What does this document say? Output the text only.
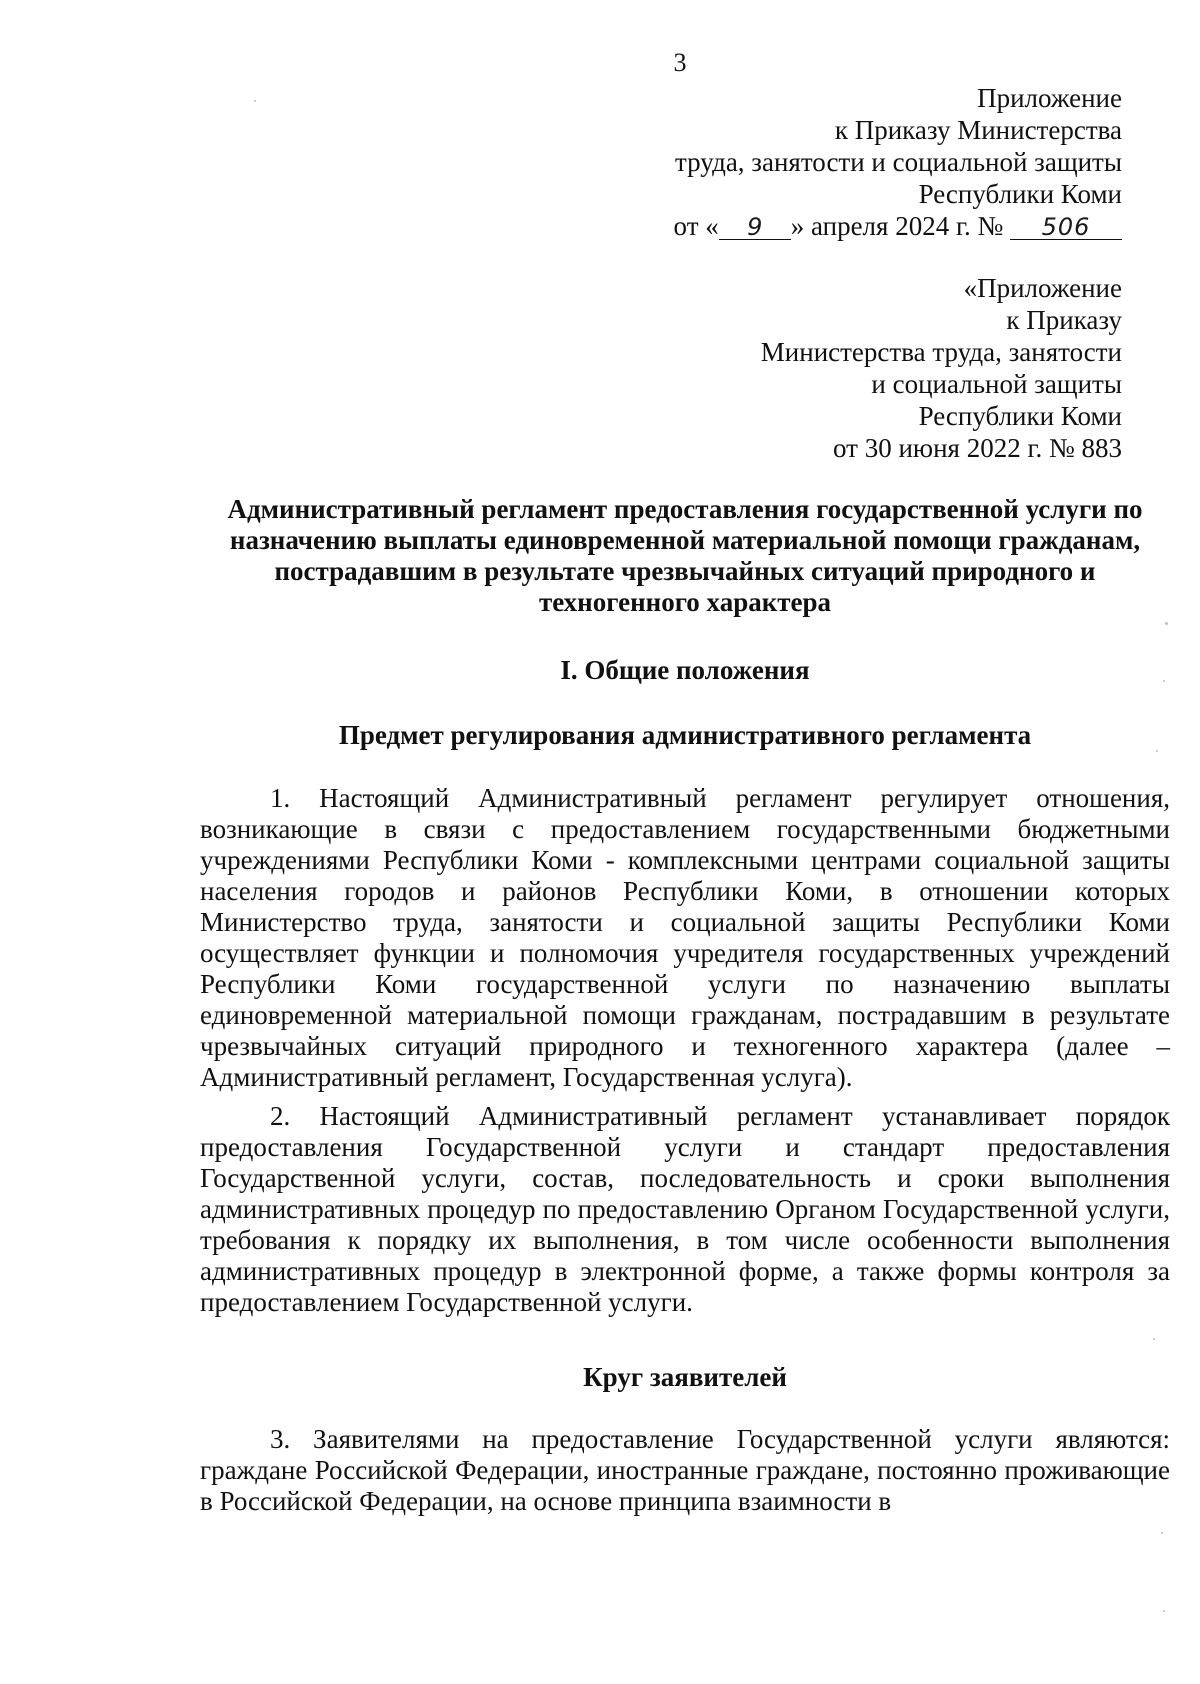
3
Приложение
к Приказу Министерства
труда, занятости и социальной защиты
Республики Коми
от « 9 » апреля 2024 г. № 506
«Приложение
к Приказу
Министерства труда, занятости
и социальной защиты
Республики Коми
от 30 июня 2022 г. № 883
Административный регламент предоставления государственной услуги по назначению выплаты единовременной материальной помощи гражданам, пострадавшим в результате чрезвычайных ситуаций природного и техногенного характера
I. Общие положения
Предмет регулирования административного регламента

1. Настоящий Административный регламент регулирует отношения, возникающие в связи с предоставлением государственными бюджетными учреждениями Республики Коми - комплексными центрами социальной защиты населения городов и районов Республики Коми, в отношении которых Министерство труда, занятости и социальной защиты Республики Коми осуществляет функции и полномочия учредителя государственных учреждений Республики Коми государственной услуги по назначению выплаты единовременной материальной помощи гражданам, пострадавшим в результате чрезвычайных ситуаций природного и техногенного характера (далее – Административный регламент, Государственная услуга).

2. Настоящий Административный регламент устанавливает порядок предоставления Государственной услуги и стандарт предоставления Государственной услуги, состав, последовательность и сроки выполнения административных процедур по предоставлению Органом Государственной услуги, требования к порядку их выполнения, в том числе особенности выполнения административных процедур в электронной форме, а также формы контроля за предоставлением Государственной услуги.

Круг заявителей

3. Заявителями на предоставление Государственной услуги являются: граждане Российской Федерации, иностранные граждане, постоянно проживающие в Российской Федерации, на основе принципа взаимности в
